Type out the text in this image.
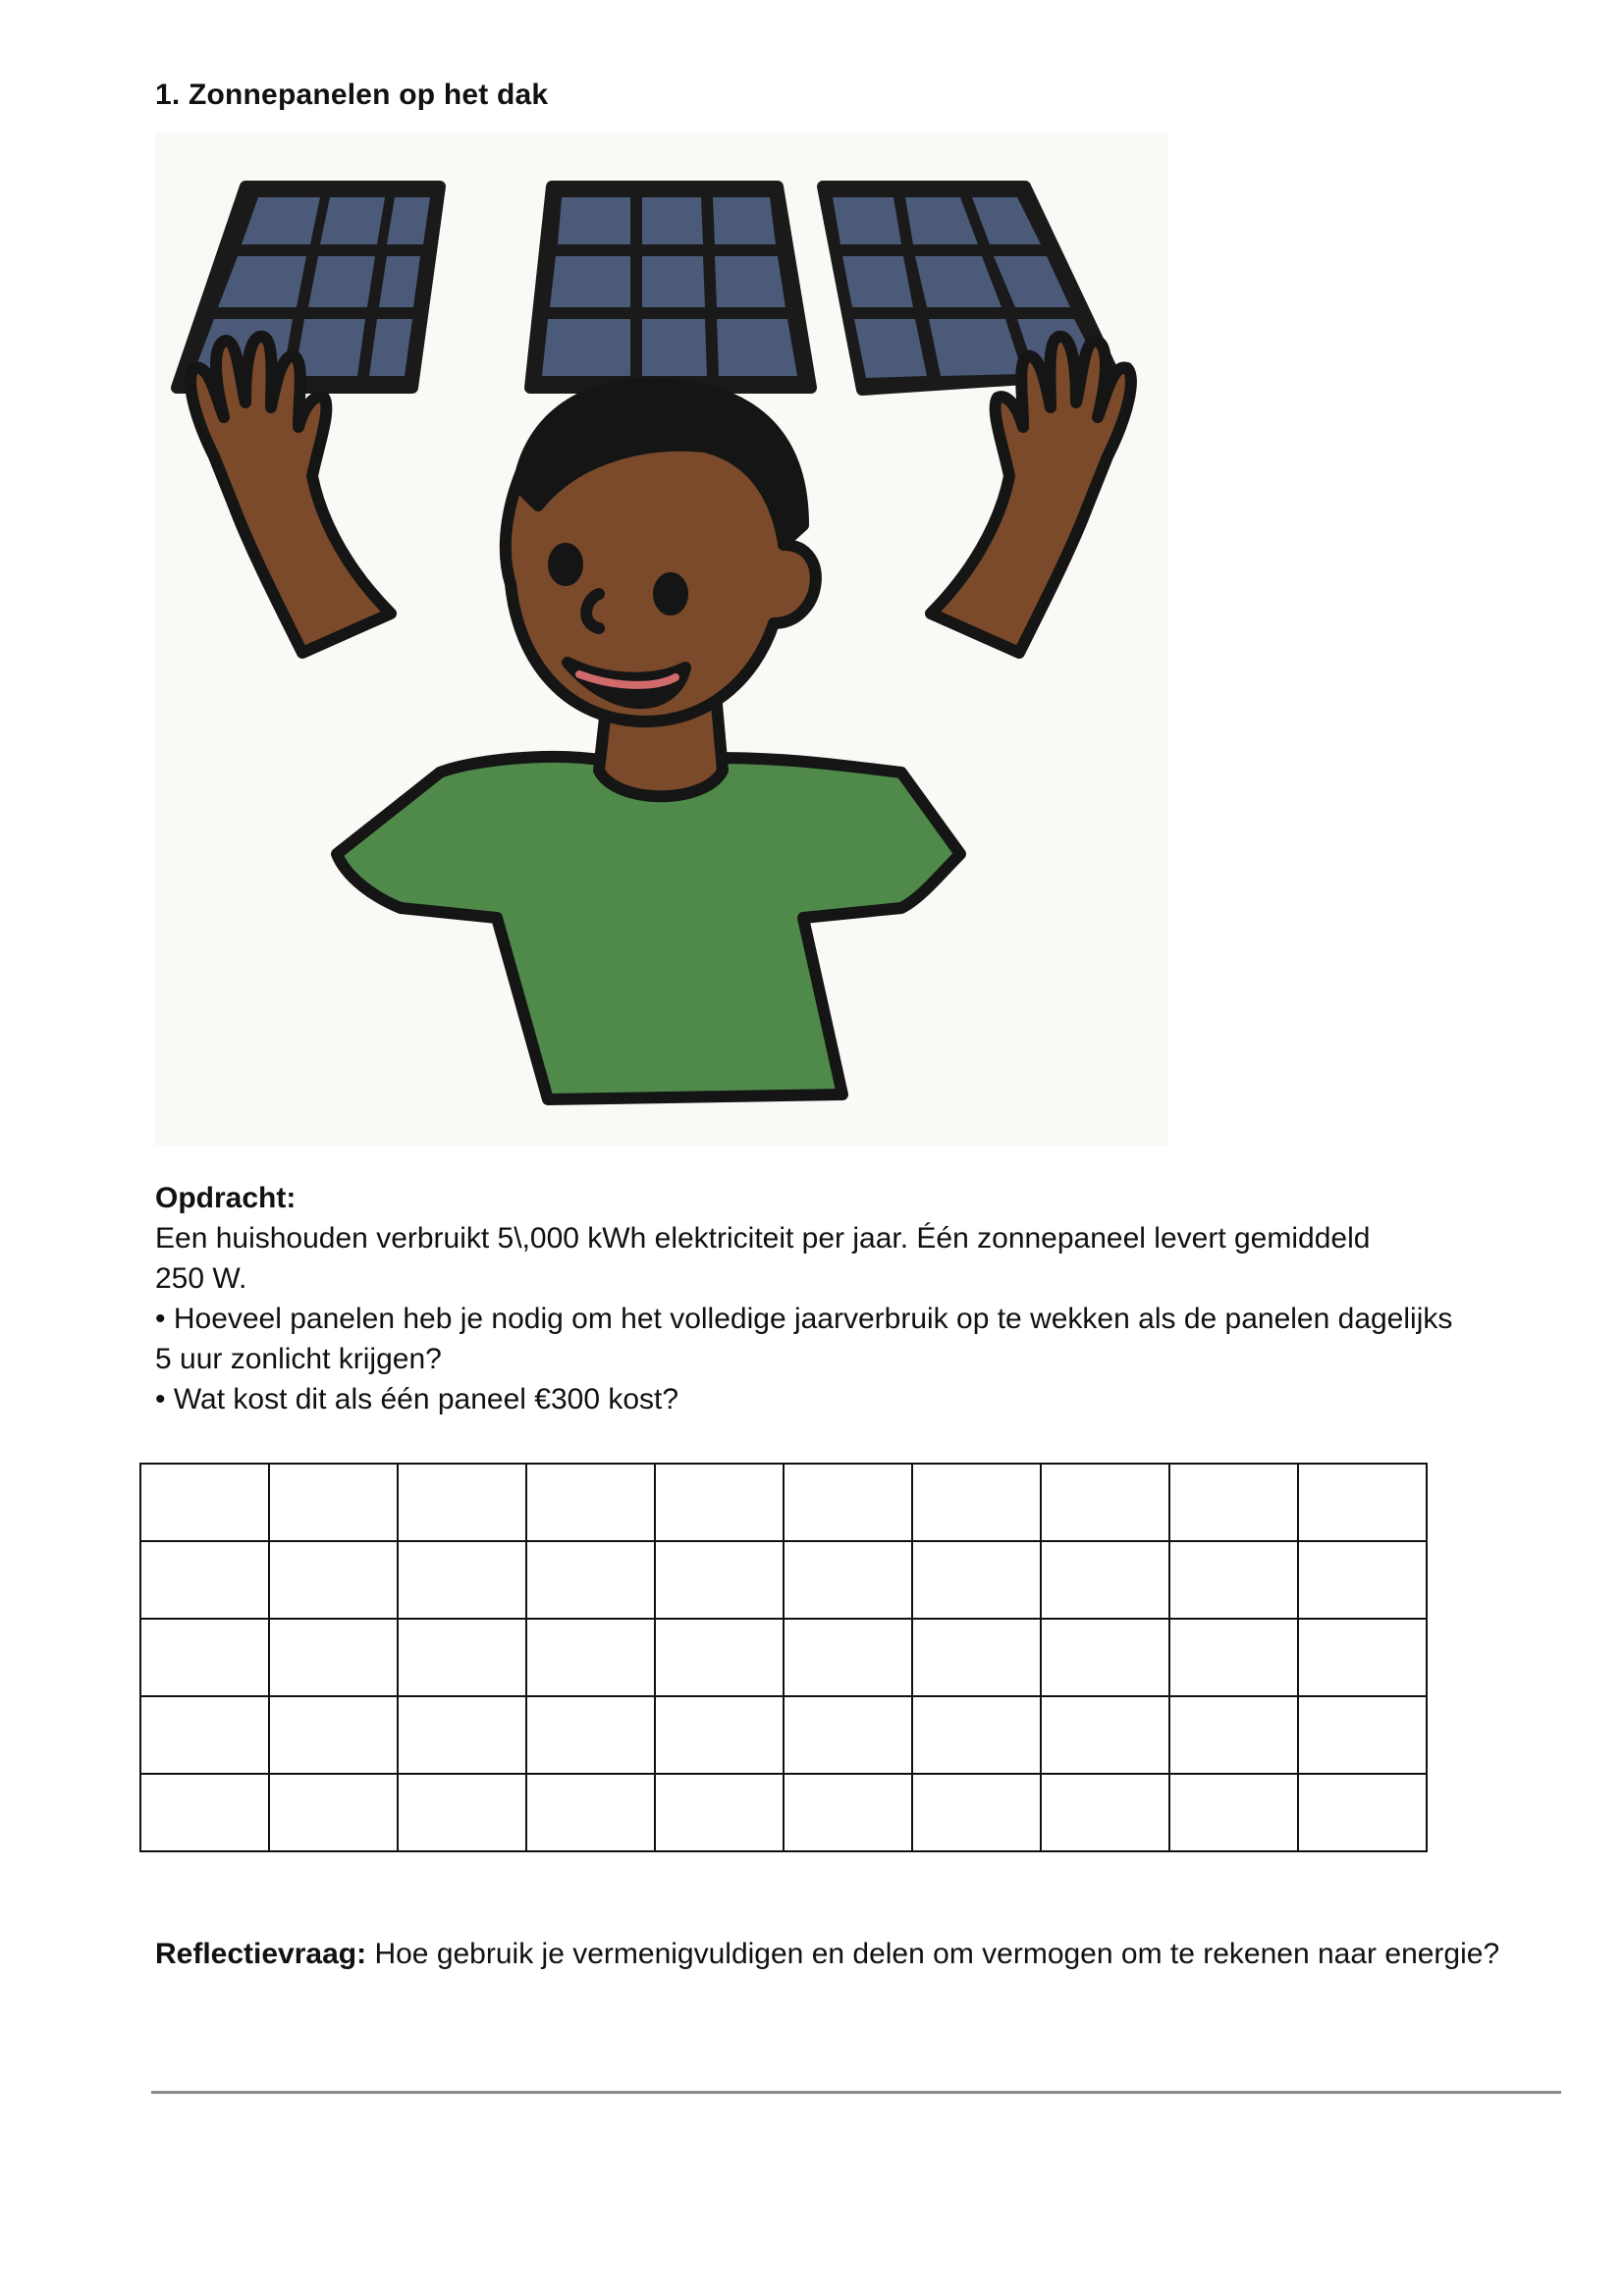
1. Zonnepanelen op het dak
Opdracht:
Een huishouden verbruikt 5\,000 kWh elektriciteit per jaar. Één zonnepaneel levert gemiddeld
250 W.
• Hoeveel panelen heb je nodig om het volledige jaarverbruik op te wekken als de panelen dagelijks
5 uur zonlicht krijgen?
• Wat kost dit als één paneel €300 kost?

Reflectievraag: Hoe gebruik je vermenigvuldigen en delen om vermogen om te rekenen naar energie?
